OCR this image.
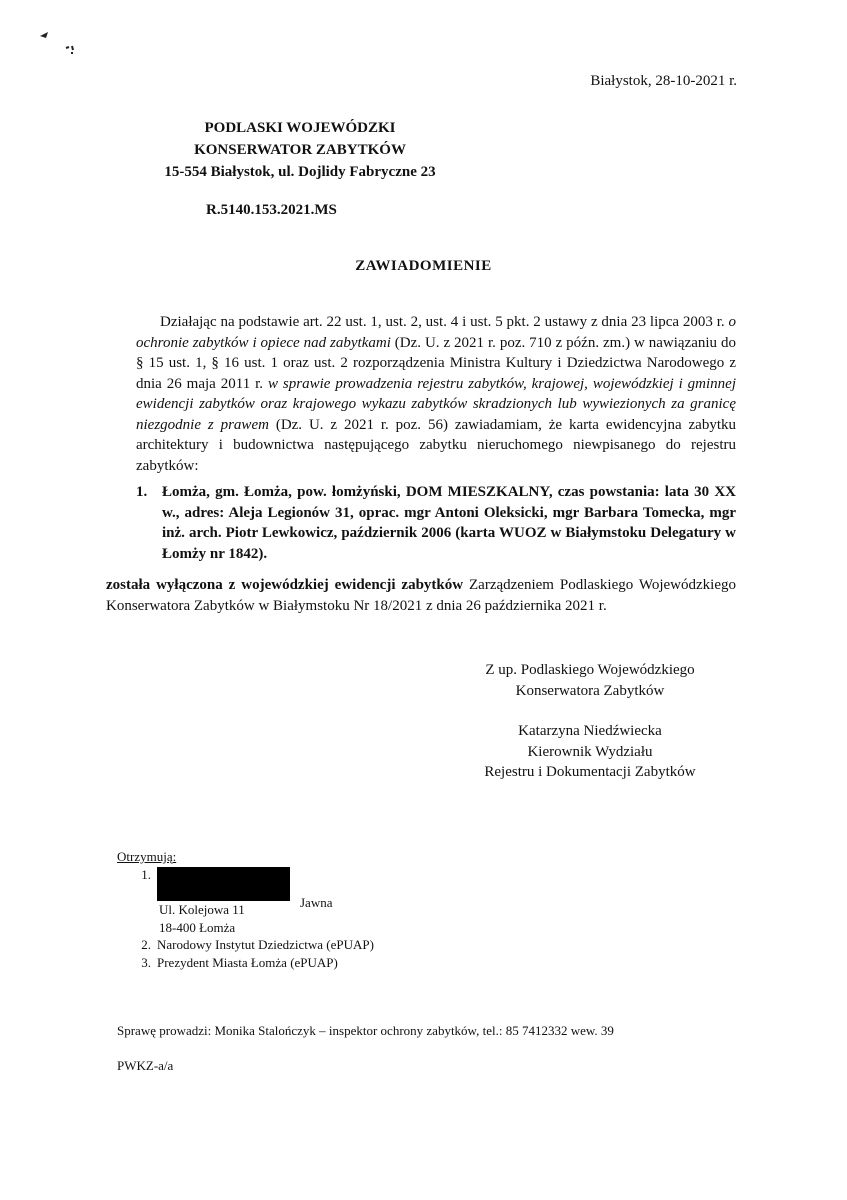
Białystok, 28-10-2021 r.
PODLASKI WOJEWÓDZKI
KONSERWATOR ZABYTKÓW
15-554 Białystok, ul. Dojlidy Fabryczne 23
R.5140.153.2021.MS
ZAWIADOMIENIE
Działając na podstawie art. 22 ust. 1, ust. 2, ust. 4 i ust. 5 pkt. 2 ustawy z dnia 23 lipca 2003 r. o ochronie zabytków i opiece nad zabytkami (Dz. U. z 2021 r. poz. 710 z późn. zm.) w nawiązaniu do § 15 ust. 1, § 16 ust. 1 oraz ust. 2 rozporządzenia Ministra Kultury i Dziedzictwa Narodowego z dnia 26 maja 2011 r. w sprawie prowadzenia rejestru zabytków, krajowej, wojewódzkiej i gminnej ewidencji zabytków oraz krajowego wykazu zabytków skradzionych lub wywiezionych za granicę niezgodnie z prawem (Dz. U. z 2021 r. poz. 56) zawiadamiam, że karta ewidencyjna zabytku architektury i budownictwa następującego zabytku nieruchomego niewpisanego do rejestru zabytków:
1. Łomża, gm. Łomża, pow. łomżyński, DOM MIESZKALNY, czas powstania: lata 30 XX w., adres: Aleja Legionów 31, oprac. mgr Antoni Oleksicki, mgr Barbara Tomecka, mgr inż. arch. Piotr Lewkowicz, październik 2006 (karta WUOZ w Białymstoku Delegatury w Łomży nr 1842).
została wyłączona z wojewódzkiej ewidencji zabytków Zarządzeniem Podlaskiego Wojewódzkiego Konserwatora Zabytków w Białymstoku Nr 18/2021 z dnia 26 października 2021 r.
Z up. Podlaskiego Wojewódzkiego
Konserwatora Zabytków
Katarzyna Niedźwiecka
Kierownik Wydziału
Rejestru i Dokumentacji Zabytków
Otrzymują:
1.
Jawna
Ul. Kolejowa 11
18-400 Łomża
2. Narodowy Instytut Dziedzictwa (ePUAP)
3. Prezydent Miasta Łomża (ePUAP)
Sprawę prowadzi: Monika Stalończyk – inspektor ochrony zabytków, tel.: 85 7412332 wew. 39
PWKZ-a/a
